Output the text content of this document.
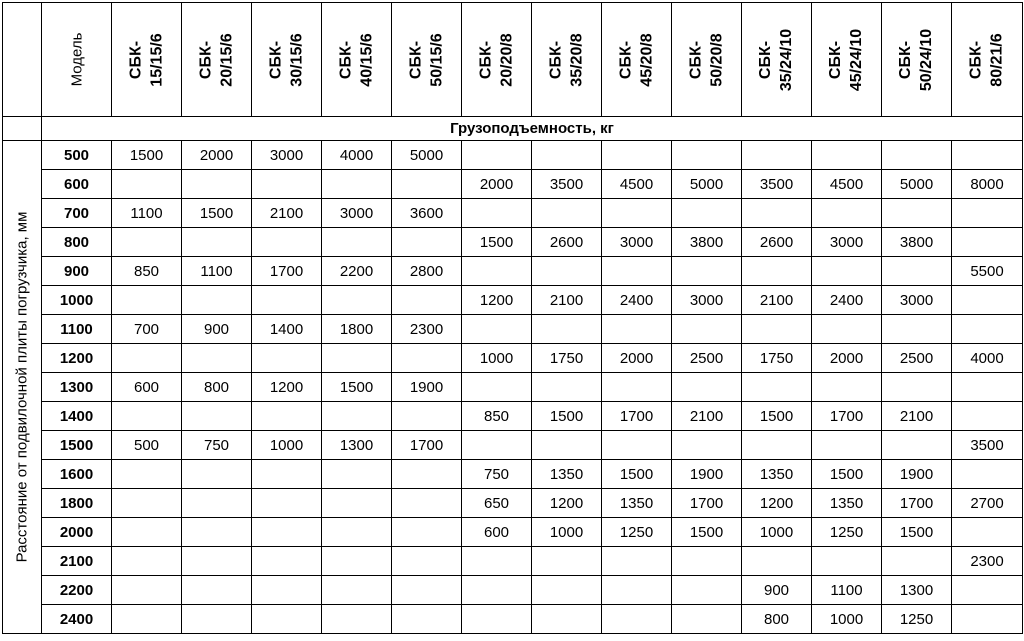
	Модель	СБК- 15/15/6	СБК- 20/15/6	СБК- 30/15/6	СБК- 40/15/6	СБК- 50/15/6	СБК- 20/20/8	СБК- 35/20/8	СБК- 45/20/8	СБК- 50/20/8	СБК- 35/24/10	СБК- 45/24/10	СБК- 50/24/10	СБК- 80/21/6
	Грузоподъемность, кг													

Расстояние от подвилочной плиты погрузчика, мм	500	1500	2000	3000	4000	5000								
	600						2000	3500	4500	5000	3500	4500	5000	8000
	700	1100	1500	2100	3000	3600								
	800						1500	2600	3000	3800	2600	3000	3800	
	900	850	1100	1700	2200	2800								5500
	1000						1200	2100	2400	3000	2100	2400	3000	
	1100	700	900	1400	1800	2300								
	1200						1000	1750	2000	2500	1750	2000	2500	4000
	1300	600	800	1200	1500	1900								
	1400						850	1500	1700	2100	1500	1700	2100	
	1500	500	750	1000	1300	1700								3500
	1600						750	1350	1500	1900	1350	1500	1900	
	1800						650	1200	1350	1700	1200	1350	1700	2700
	2000						600	1000	1250	1500	1000	1250	1500	
	2100													2300
	2200										900	1100	1300	
	2400										800	1000	1250	
